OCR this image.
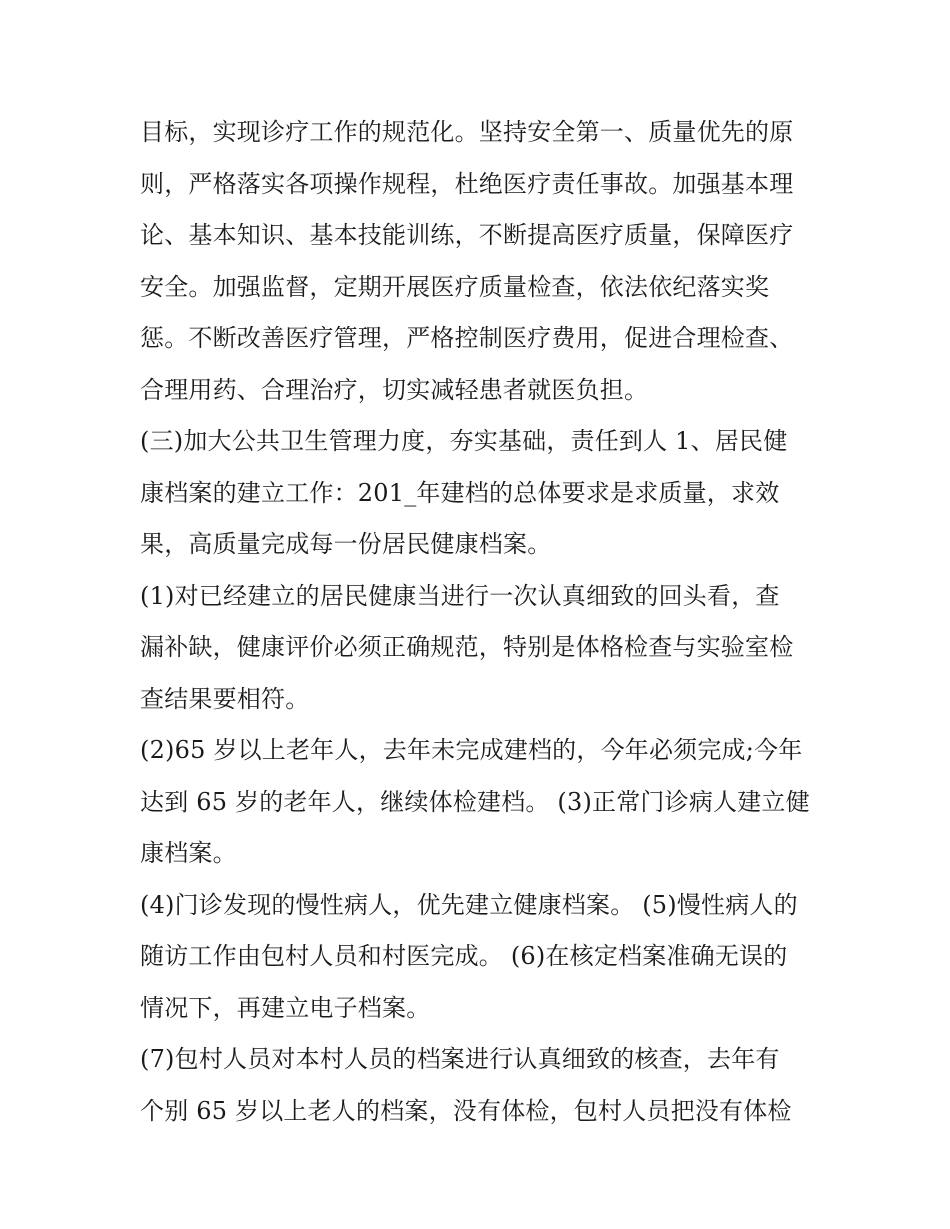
目标，实现诊疗工作的规范化。坚持安全第一、质量优先的原
则，严格落实各项操作规程，杜绝医疗责任事故。加强基本理
论、基本知识、基本技能训练，不断提高医疗质量，保障医疗
安全。加强监督，定期开展医疗质量检查，依法依纪落实奖
惩。不断改善医疗管理，严格控制医疗费用，促进合理检查、
合理用药、合理治疗，切实减轻患者就医负担。
(三)加大公共卫生管理力度，夯实基础，责任到人 1、居民健
康档案的建立工作：201_年建档的总体要求是求质量，求效
果，高质量完成每一份居民健康档案。
(1)对已经建立的居民健康当进行一次认真细致的回头看，查
漏补缺，健康评价必须正确规范，特别是体格检查与实验室检
查结果要相符。
(2)65 岁以上老年人，去年未完成建档的，今年必须完成;今年
达到 65 岁的老年人，继续体检建档。 (3)正常门诊病人建立健
康档案。
(4)门诊发现的慢性病人，优先建立健康档案。 (5)慢性病人的
随访工作由包村人员和村医完成。 (6)在核定档案准确无误的
情况下，再建立电子档案。
(7)包村人员对本村人员的档案进行认真细致的核查，去年有
个别 65 岁以上老人的档案，没有体检，包村人员把没有体检
